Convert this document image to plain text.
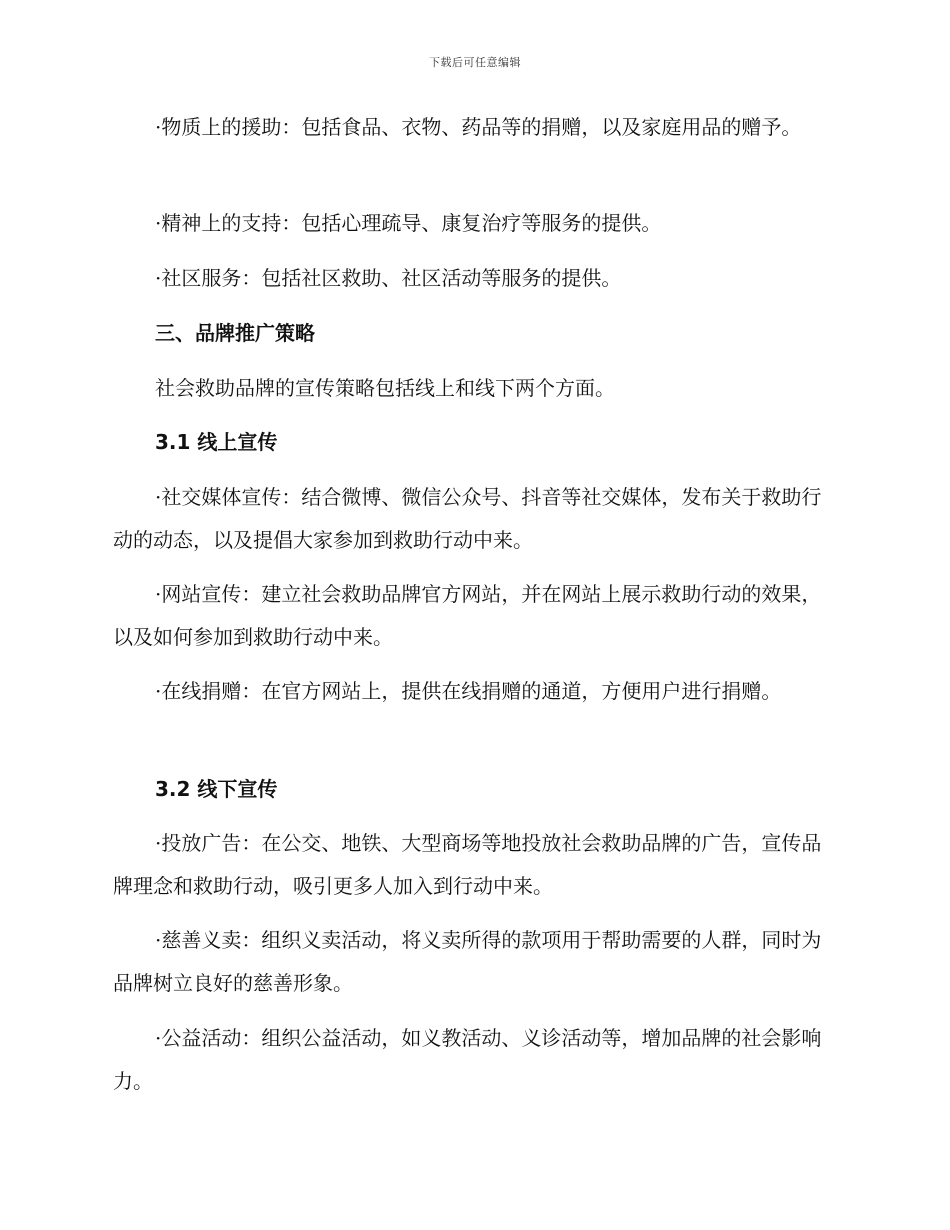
下载后可任意编辑

·物质上的援助：包括食品、衣物、药品等的捐赠，以及家庭用品的赠予。

·精神上的支持：包括心理疏导、康复治疗等服务的提供。

·社区服务：包括社区救助、社区活动等服务的提供。

三、品牌推广策略

社会救助品牌的宣传策略包括线上和线下两个方面。

3.1 线上宣传

·社交媒体宣传：结合微博、微信公众号、抖音等社交媒体，发布关于救助行动的动态，以及提倡大家参加到救助行动中来。

·网站宣传：建立社会救助品牌官方网站，并在网站上展示救助行动的效果，以及如何参加到救助行动中来。

·在线捐赠：在官方网站上，提供在线捐赠的通道，方便用户进行捐赠。

3.2 线下宣传

·投放广告：在公交、地铁、大型商场等地投放社会救助品牌的广告，宣传品牌理念和救助行动，吸引更多人加入到行动中来。

·慈善义卖：组织义卖活动，将义卖所得的款项用于帮助需要的人群，同时为品牌树立良好的慈善形象。

·公益活动：组织公益活动，如义教活动、义诊活动等，增加品牌的社会影响力。
